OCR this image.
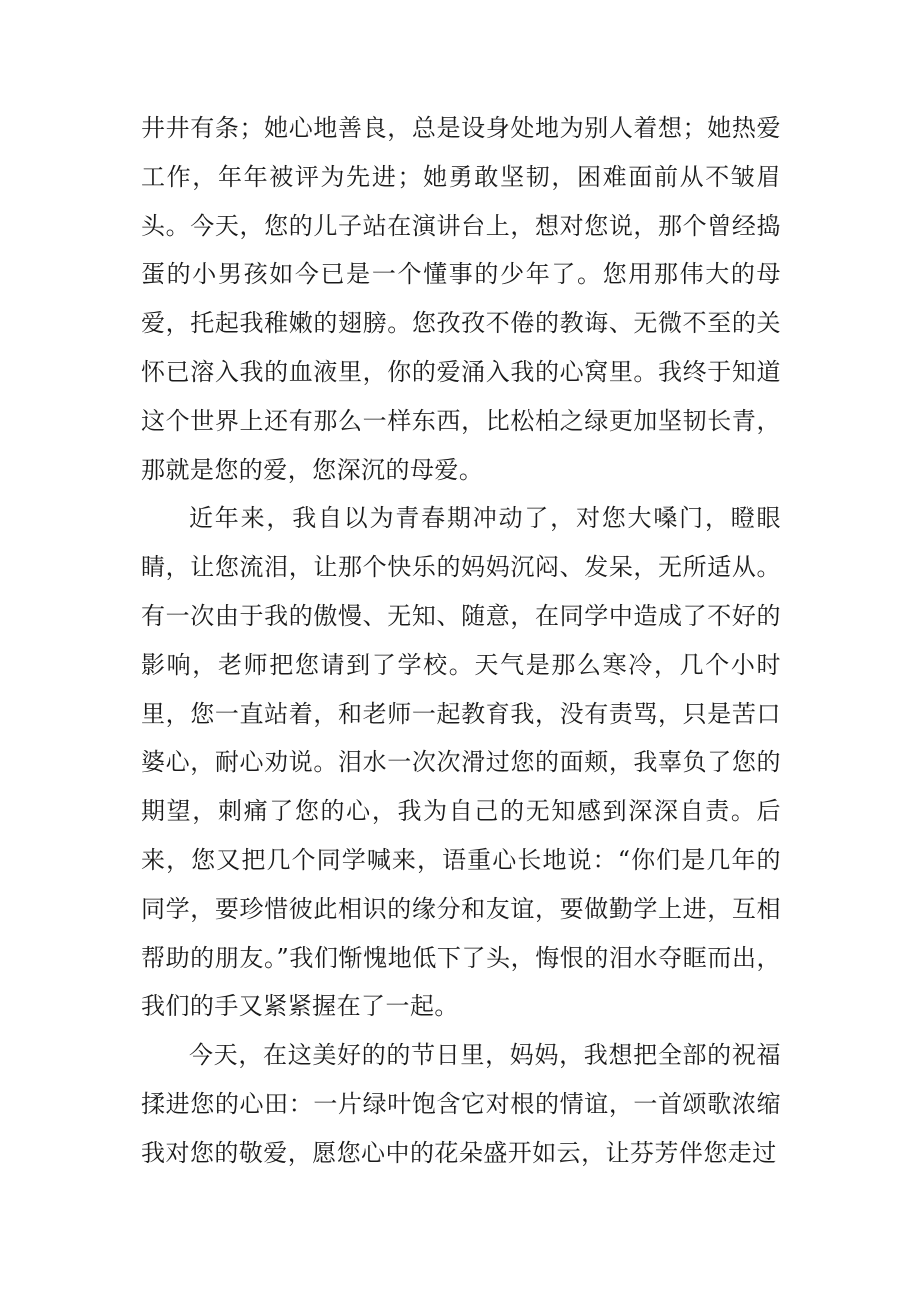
井井有条；她心地善良，总是设身处地为别人着想；她热爱工作，年年被评为先进；她勇敢坚韧，困难面前从不皱眉头。今天，您的儿子站在演讲台上，想对您说，那个曾经捣蛋的小男孩如今已是一个懂事的少年了。您用那伟大的母爱，托起我稚嫩的翅膀。您孜孜不倦的教诲、无微不至的关怀已溶入我的血液里，你的爱涌入我的心窝里。我终于知道这个世界上还有那么一样东西，比松柏之绿更加坚韧长青，那就是您的爱，您深沉的母爱。

近年来，我自以为青春期冲动了，对您大嗓门，瞪眼睛，让您流泪，让那个快乐的妈妈沉闷、发呆，无所适从。有一次由于我的傲慢、无知、随意，在同学中造成了不好的影响，老师把您请到了学校。天气是那么寒冷，几个小时里，您一直站着，和老师一起教育我，没有责骂，只是苦口婆心，耐心劝说。泪水一次次滑过您的面颊，我辜负了您的期望，刺痛了您的心，我为自己的无知感到深深自责。后来，您又把几个同学喊来，语重心长地说：“你们是几年的同学，要珍惜彼此相识的缘分和友谊，要做勤学上进，互相帮助的朋友。”我们惭愧地低下了头，悔恨的泪水夺眶而出，我们的手又紧紧握在了一起。

今天，在这美好的的节日里，妈妈，我想把全部的祝福揉进您的心田：一片绿叶饱含它对根的情谊，一首颂歌浓缩我对您的敬爱，愿您心中的花朵盛开如云，让芬芳伴您走过
